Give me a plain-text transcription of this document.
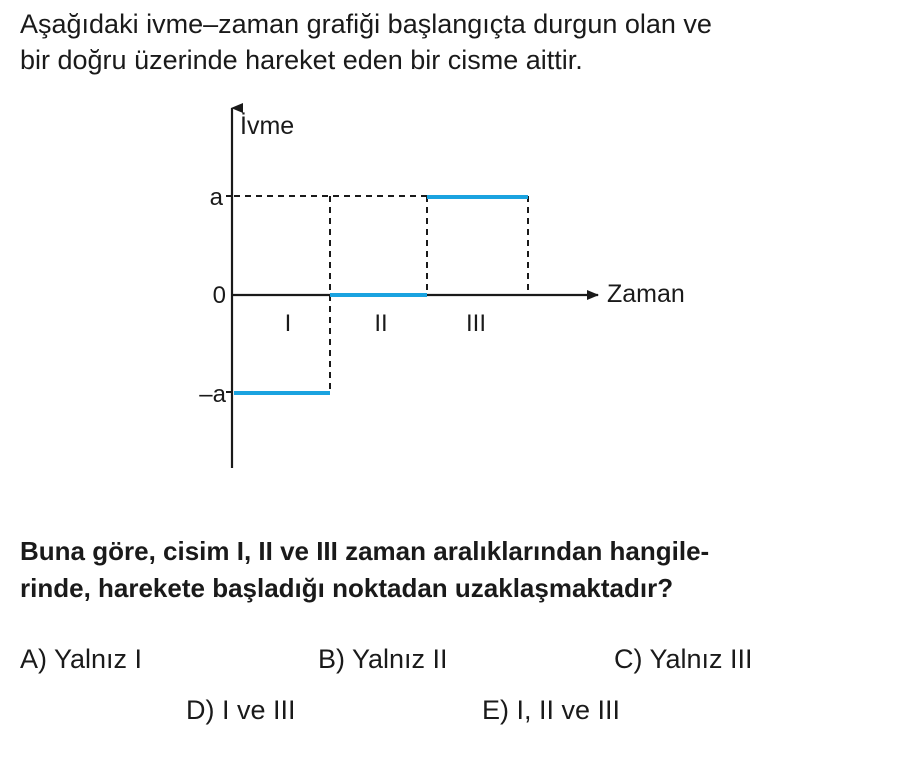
Aşağıdaki ivme–zaman grafiği başlangıçta durgun olan ve
bir doğru üzerinde hareket eden bir cisme aittir.
İvme
Zaman
a
0
–a
I	II	III
Buna göre, cisim I, II ve III zaman aralıklarından hangile-
rinde, harekete başladığı noktadan uzaklaşmaktadır?
A) Yalnız I	B) Yalnız II	C) Yalnız III
D) I ve III	E) I, II ve III
